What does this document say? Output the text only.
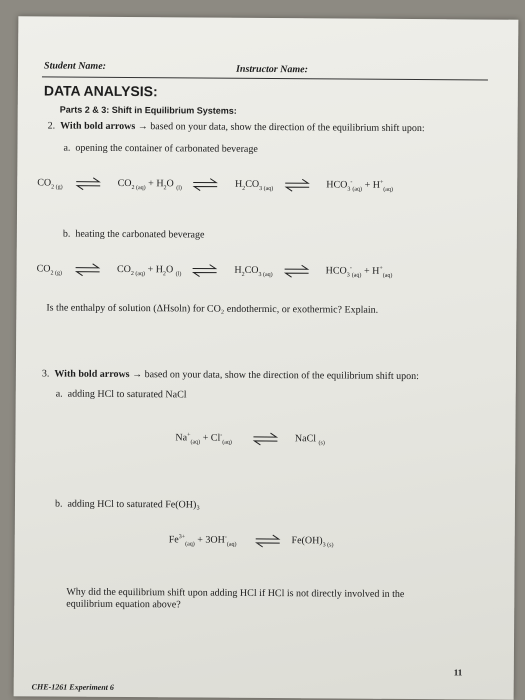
Student Name:	Instructor Name:
DATA ANALYSIS:
Parts 2 & 3: Shift in Equilibrium Systems:
2. With bold arrows → based on your data, show the direction of the equilibrium shift upon:
a. opening the container of carbonated beverage
$CO_{2 (g)}$ ⇌ $CO_{2 (aq)} + H_2O$ $_{(l)}$ ⇌ $H_2CO_{3 (aq)}$ ⇌ $HCO_3^-_{(aq)} + H^+_{(aq)}$
b. heating the carbonated beverage
$CO_{2 (g)}$ ⇌ $CO_{2 (aq)} + H_2O$ $_{(l)}$ ⇌ $H_2CO_{3 (aq)}$ ⇌ $HCO_3^-_{(aq)} + H^+_{(aq)}$
Is the enthalpy of solution (ΔHsoln) for CO₂ endothermic, or exothermic? Explain.
3. With bold arrows → based on your data, show the direction of the equilibrium shift upon:
a. adding HCl to saturated NaCl
$Na^+_{(aq)} + Cl^-_{(aq)}$	NaCl $_{(s)}$
b. adding HCl to saturated Fe(OH)₃
$Fe^{3+}_{(aq)} + 3OH^-_{(aq)}$ ⇌ $Fe(OH)_{3 (s)}$
Why did the equilibrium shift upon adding HCl if HCl is not directly involved in the
equilibrium equation above?
11
CHE-1261 Experiment 6
